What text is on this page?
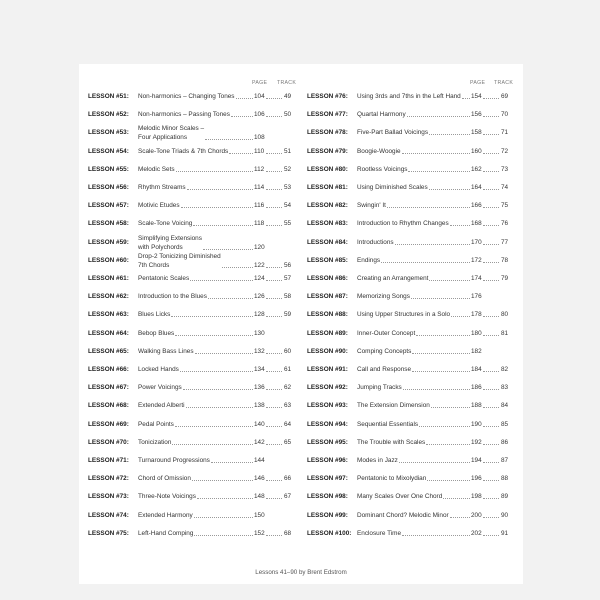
PAGE TRACK
LESSON #51: Non-harmonics – Changing Tones	104	49
LESSON #52: Non-harmonics – Passing Tones	106	50
LESSON #53:
Melodic Minor Scales –
Four Applications	108
LESSON #54: Scale-Tone Triads & 7th Chords	110	51
LESSON #55: Melodic Sets	112	52
LESSON #56: Rhythm Streams	114	53
LESSON #57: Motivic Etudes	116	54
LESSON #58: Scale-Tone Voicing	118	55
LESSON #59:
Simplifying Extensions
with Polychords	120
LESSON #60:
Drop-2 Tonicizing Diminished
7th Chords	122	56
LESSON #61: Pentatonic Scales	124	57
LESSON #62: Introduction to the Blues	126	58
LESSON #63: Blues Licks	128	59
LESSON #64: Bebop Blues	130
LESSON #65: Walking Bass Lines	132	60
LESSON #66: Locked Hands	134	61
LESSON #67: Power Voicings	136	62
LESSON #68: Extended Alberti	138	63
LESSON #69: Pedal Points	140	64
LESSON #70: Tonicization	142	65
LESSON #71: Turnaround Progressions	144
LESSON #72: Chord of Omission	146	66
LESSON #73: Three-Note Voicings	148	67
LESSON #74: Extended Harmony	150
LESSON #75: Left-Hand Comping	152	68
PAGE TRACK
LESSON #76: Using 3rds and 7ths in the Left Hand 154	69
LESSON #77: Quartal Harmony	156	70
LESSON #78: Five-Part Ballad Voicings	158	71
LESSON #79: Boogie-Woogie	160	72
LESSON #80: Rootless Voicings	162	73
LESSON #81: Using Diminished Scales	164	74
LESSON #82: Swingin' It	166	75
LESSON #83: Introduction to Rhythm Changes	168	76
LESSON #84: Introductions	170	77
LESSON #85: Endings	172	78
LESSON #86: Creating an Arrangement	174	79
LESSON #87: Memorizing Songs	176
LESSON #88: Using Upper Structures in a Solo	178	80
LESSON #89: Inner-Outer Concept	180	81
LESSON #90: Comping Concepts	182
LESSON #91: Call and Response	184	82
LESSON #92: Jumping Tracks	186	83
LESSON #93: The Extension Dimension	188	84
LESSON #94: Sequential Essentials	190	85
LESSON #95: The Trouble with Scales	192	86
LESSON #96: Modes in Jazz	194	87
LESSON #97: Pentatonic to Mixolydian	196	88
LESSON #98: Many Scales Over One Chord	198	89
LESSON #99: Dominant Chord? Melodic Minor	200	90
LESSON #100: Enclosure Time	202	91
Lessons 41–90 by Brent Edstrom
